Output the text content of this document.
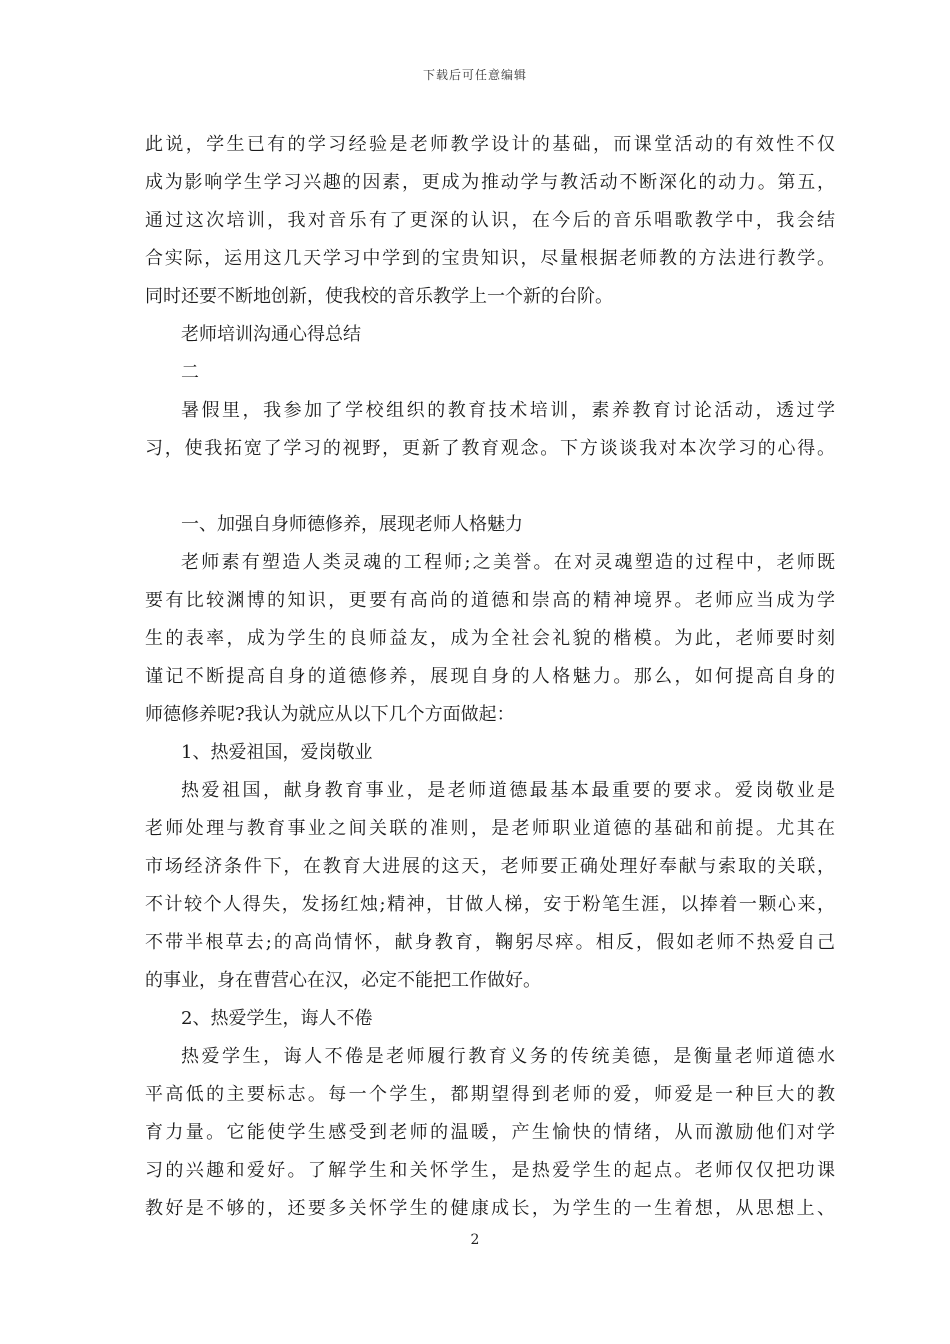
下载后可任意编辑
此说，学生已有的学习经验是老师教学设计的基础，而课堂活动的有效性不仅
成为影响学生学习兴趣的因素，更成为推动学与教活动不断深化的动力。第五，
通过这次培训，我对音乐有了更深的认识，在今后的音乐唱歌教学中，我会结
合实际，运用这几天学习中学到的宝贵知识，尽量根据老师教的方法进行教学。
同时还要不断地创新，使我校的音乐教学上一个新的台阶。
老师培训沟通心得总结
二
暑假里，我参加了学校组织的教育技术培训，素养教育讨论活动，透过学
习，使我拓宽了学习的视野，更新了教育观念。下方谈谈我对本次学习的心得。
一、加强自身师德修养，展现老师人格魅力
老师素有塑造人类灵魂的工程师;之美誉。在对灵魂塑造的过程中，老师既
要有比较渊博的知识，更要有高尚的道德和崇高的精神境界。老师应当成为学
生的表率，成为学生的良师益友，成为全社会礼貌的楷模。为此，老师要时刻
谨记不断提高自身的道德修养，展现自身的人格魅力。那么，如何提高自身的
师德修养呢?我认为就应从以下几个方面做起：
1、热爱祖国，爱岗敬业
热爱祖国，献身教育事业，是老师道德最基本最重要的要求。爱岗敬业是
老师处理与教育事业之间关联的准则，是老师职业道德的基础和前提。尤其在
市场经济条件下，在教育大进展的这天，老师要正确处理好奉献与索取的关联，
不计较个人得失，发扬红烛;精神，甘做人梯，安于粉笔生涯，以捧着一颗心来，
不带半根草去;的高尚情怀，献身教育，鞠躬尽瘁。相反，假如老师不热爱自己
的事业，身在曹营心在汉，必定不能把工作做好。
2、热爱学生，诲人不倦
热爱学生，诲人不倦是老师履行教育义务的传统美德，是衡量老师道德水
平高低的主要标志。每一个学生，都期望得到老师的爱，师爱是一种巨大的教
育力量。它能使学生感受到老师的温暖，产生愉快的情绪，从而激励他们对学
习的兴趣和爱好。了解学生和关怀学生，是热爱学生的起点。老师仅仅把功课
教好是不够的，还要多关怀学生的健康成长，为学生的一生着想，从思想上、
2
